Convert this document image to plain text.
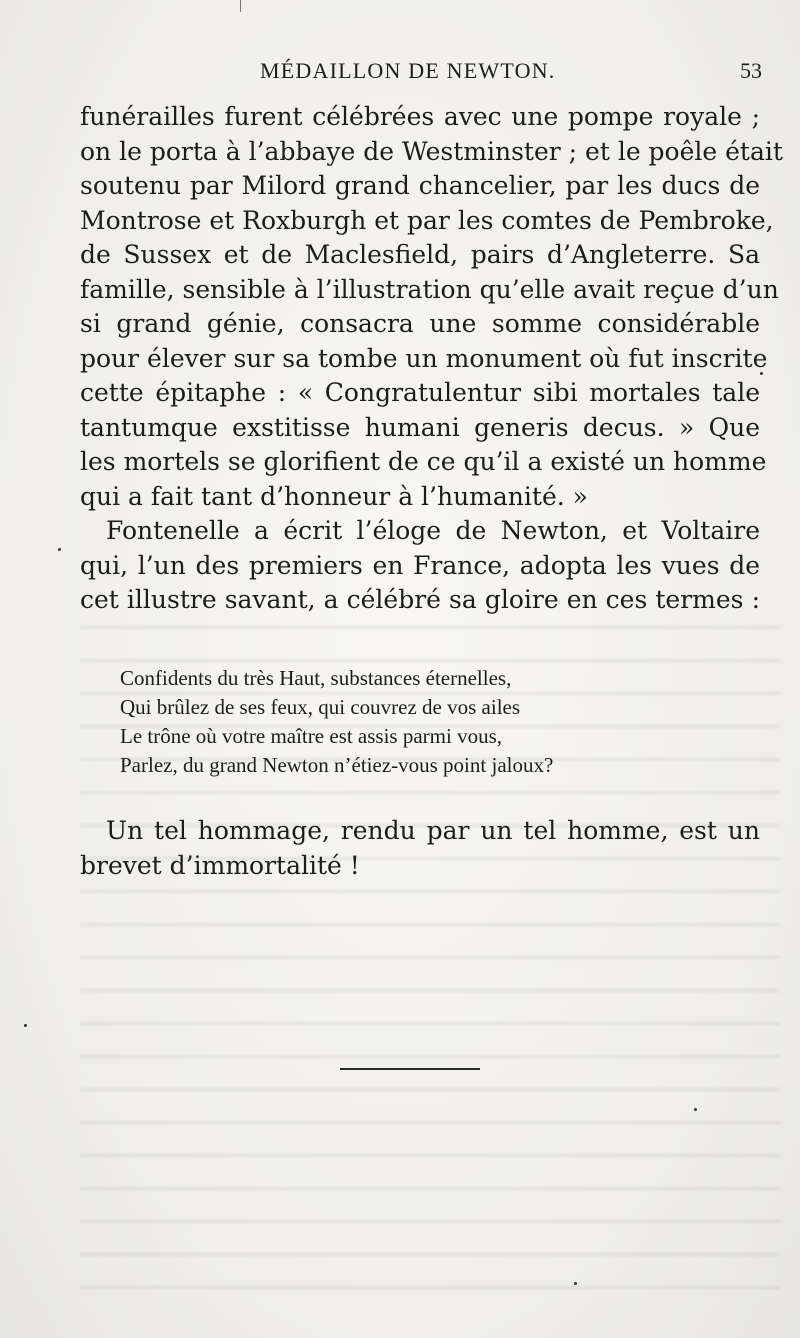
MÉDAILLON DE NEWTON.	53
funérailles furent célébrées avec une pompe royale ;
on le porta à l’abbaye de Westminster ; et le poêle était
soutenu par Milord grand chancelier, par les ducs de
Montrose et Roxburgh et par les comtes de Pembroke,
de Sussex et de Maclesfield, pairs d’Angleterre. Sa
famille, sensible à l’illustration qu’elle avait reçue d’un
si grand génie, consacra une somme considérable
pour élever sur sa tombe un monument où fut inscrite
cette épitaphe : « Congratulentur sibi mortales tale
tantumque exstitisse humani generis decus. » Que
les mortels se glorifient de ce qu’il a existé un homme
qui a fait tant d’honneur à l’humanité. »
Fontenelle a écrit l’éloge de Newton, et Voltaire
qui, l’un des premiers en France, adopta les vues de
cet illustre savant, a célébré sa gloire en ces termes :
Confidents du très Haut, substances éternelles,
Qui brûlez de ses feux, qui couvrez de vos ailes
Le trône où votre maître est assis parmi vous,
Parlez, du grand Newton n’étiez-vous point jaloux?
Un tel hommage, rendu par un tel homme, est un
brevet d’immortalité !
